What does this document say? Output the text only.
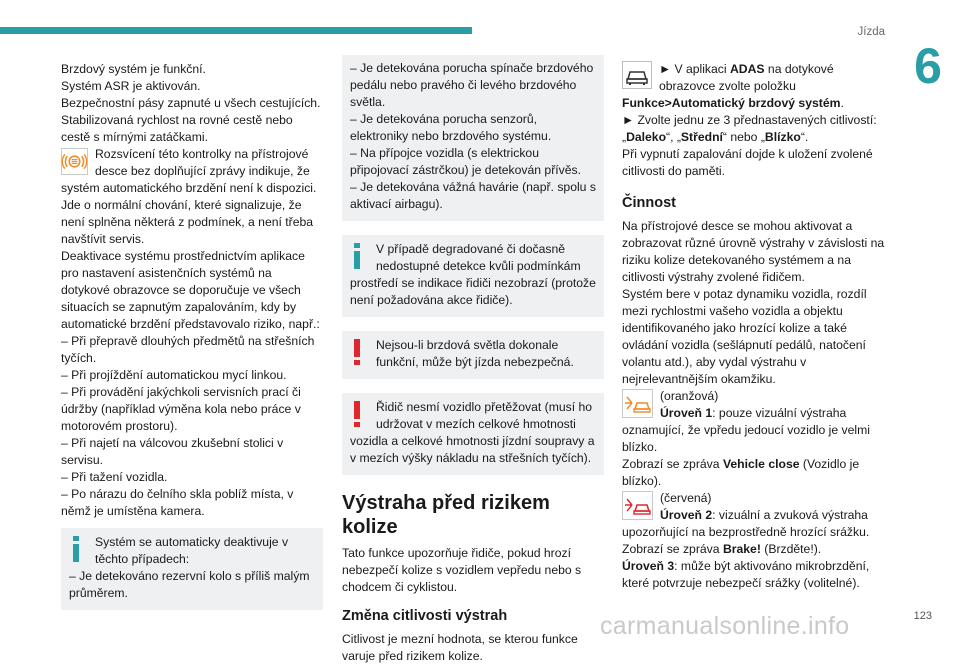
Jízda
6

Brzdový systém je funkční.

Systém ASR je aktivován.

Bezpečnostní pásy zapnuté u všech cestujících.

Stabilizovaná rychlost na rovné cestě nebo cestě s mírnými zatáčkami.

Rozsvícení této kontrolky na přístrojové desce bez doplňující zprávy indikuje, že systém automatického brzdění není k dispozici.

Jde o normální chování, které signalizuje, že není splněna některá z podmínek, a není třeba navštívit servis.

Deaktivace systému prostřednictvím aplikace pro nastavení asistenčních systémů na dotykové obrazovce se doporučuje ve všech situacích se zapnutým zapalováním, kdy by automatické brzdění představovalo riziko, např.:

– Při přepravě dlouhých předmětů na střešních tyčích.

– Při projíždění automatickou mycí linkou.

– Při provádění jakýchkoli servisních prací či údržby (například výměna kola nebo práce v motorovém prostoru).

– Při najetí na válcovou zkušební stolici v servisu.

– Při tažení vozidla.

– Po nárazu do čelního skla poblíž místa, v němž je umístěna kamera.

Systém se automaticky deaktivuje v těchto případech:
– Je detekováno rezervní kolo s příliš malým průměrem.

– Je detekována porucha spínače brzdového pedálu nebo pravého či levého brzdového světla.

– Je detekována porucha senzorů, elektroniky nebo brzdového systému.

– Na přípojce vozidla (s elektrickou připojovací zástrčkou) je detekován přívěs.

– Je detekována vážná havárie (např. spolu s aktivací airbagu).

V případě degradované či dočasně nedostupné detekce kvůli podmínkám prostředí se indikace řidiči nezobrazí (protože není požadována akce řidiče).
Nejsou-li brzdová světla dokonale funkční, může být jízda nebezpečná.
Řidič nesmí vozidlo přetěžovat (musí ho udržovat v mezích celkové hmotnosti vozidla a celkové hmotnosti jízdní soupravy a v mezích výšky nákladu na střešních tyčích).
Výstraha před rizikem kolize

Tato funkce upozorňuje řidiče, pokud hrozí nebezpečí kolize s vozidlem vepředu nebo s chodcem či cyklistou.

Změna citlivosti výstrah

Citlivost je mezní hodnota, se kterou funkce varuje před rizikem kolize.

► V aplikaci ADAS na dotykové obrazovce zvolte položku Funkce>Automatický brzdový systém.

► Zvolte jednu ze 3 přednastavených citlivostí: „Daleko“, „Střední“ nebo „Blízko“.

Při vypnutí zapalování dojde k uložení zvolené citlivosti do paměti.

Činnost

Na přístrojové desce se mohou aktivovat a zobrazovat různé úrovně výstrahy v závislosti na riziku kolize detekovaného systémem a na citlivosti výstrahy zvolené řidičem.

Systém bere v potaz dynamiku vozidla, rozdíl mezi rychlostmi vašeho vozidla a objektu identifikovaného jako hrozící kolize a také ovládání vozidla (sešlápnutí pedálů, natočení volantu atd.), aby vydal výstrahu v nejrelevantnějším okamžiku.

(oranžová)
Úroveň 1: pouze vizuální výstraha oznamující, že vpředu jedoucí vozidlo je velmi blízko.

Zobrazí se zpráva Vehicle close (Vozidlo je blízko).

(červená)
Úroveň 2: vizuální a zvuková výstraha upozorňující na bezprostředně hrozící srážku.

Zobrazí se zpráva Brake! (Brzděte!).

Úroveň 3: může být aktivováno mikrobrzdění, které potvrzuje nebezpečí srážky (volitelné).

carmanualsonline.info	123
